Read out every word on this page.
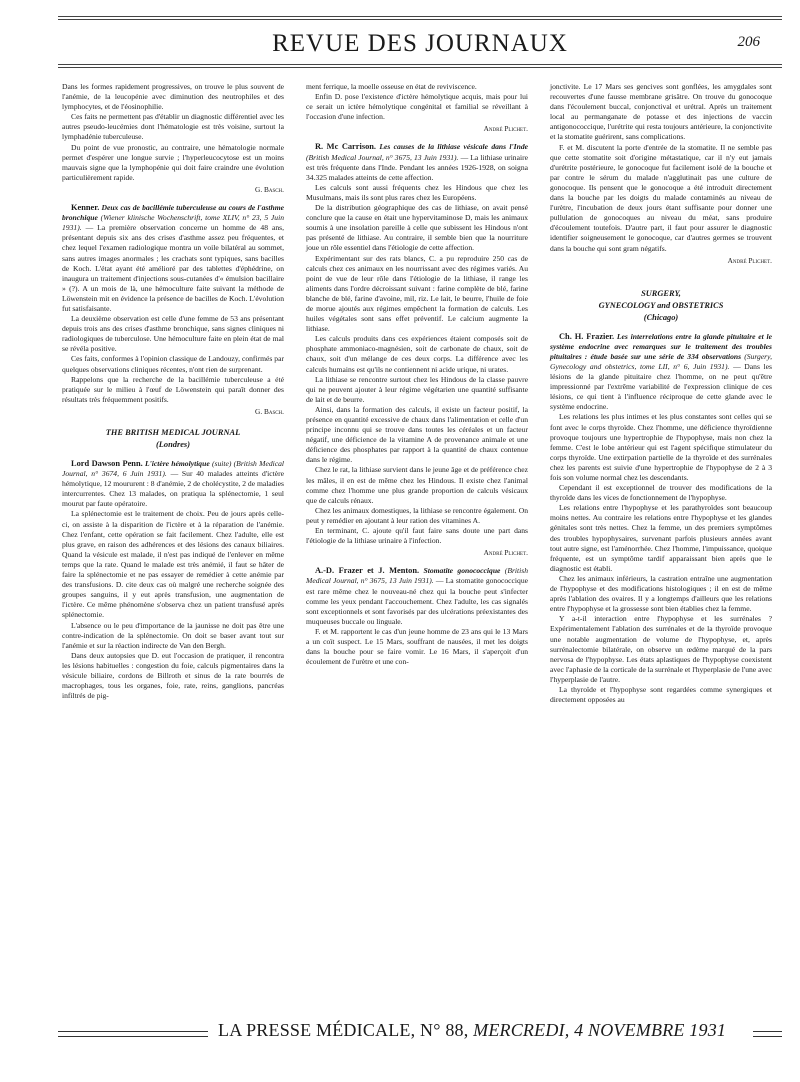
REVUE DES JOURNAUX	206

Dans les formes rapidement progressives, on trouve le plus souvent de l'anémie, de la leucopénie avec diminution des neutrophiles et des lymphocytes, et de l'éosinophilie.

Ces faits ne permettent pas d'établir un diagnostic différentiel avec les autres pseudo-leucémies dont l'hématologie est très voisine, surtout la lymphadénie tuberculeuse.

Du point de vue pronostic, au contraire, une hématologie normale permet d'espérer une longue survie ; l'hyperleucocytose est un moins mauvais signe que la lymphopénie qui doit faire craindre une évolution particulièrement rapide.

G. Basch.

Kenner. Deux cas de bacillémie tuberculeuse au cours de l'asthme bronchique (Wiener klinische Wochenschrift, tome XLIV, n° 23, 5 Juin 1931). — La première observation concerne un homme de 48 ans, présentant depuis six ans des crises d'asthme assez peu fréquentes, et chez lequel l'examen radiologique montra un voile bilatéral au sommet, sans autres images anormales ; les crachats sont typiques, sans bacilles de Koch. L'état ayant été amélioré par des tablettes d'éphédrine, on inaugura un traitement d'injections sous-cutanées d'« émulsion bacillaire » (?). A un mois de là, une hémoculture faite suivant la méthode de Löwenstein mit en évidence la présence de bacilles de Koch. L'évolution fut satisfaisante.

La deuxième observation est celle d'une femme de 53 ans présentant depuis trois ans des crises d'asthme bronchique, sans signes cliniques ni radiologiques de tuberculose. Une hémoculture faite en plein état de mal se révéla positive.

Ces faits, conformes à l'opinion classique de Landouzy, confirmés par quelques observations cliniques récentes, n'ont rien de surprenant.

Rappelons que la recherche de la bacillémie tuberculeuse a été pratiquée sur le milieu à l'œuf de Löwenstein qui paraît donner des résultats très fréquemment positifs.

G. Basch.
THE BRITISH MEDICAL JOURNAL
(Londres)

Lord Dawson Penn. L'ictère hémolytique (suite) (British Medical Journal, n° 3674, 6 Juin 1931). — Sur 40 malades atteints d'ictère hémolytique, 12 moururent : 8 d'anémie, 2 de cholécystite, 2 de maladies intercurrentes. Chez 13 malades, on pratiqua la splénectomie, 1 seul mourut par faute opératoire.

La splénectomie est le traitement de choix. Peu de jours après celle-ci, on assiste à la disparition de l'ictère et à la réparation de l'anémie. Chez l'enfant, cette opération se fait facilement. Chez l'adulte, elle est plus grave, en raison des adhérences et des lésions des canaux biliaires. Quand la vésicule est malade, il n'est pas indiqué de l'enlever en même temps que la rate. Quand le malade est très anémié, il faut se hâter de faire la splénectomie et ne pas essayer de remédier à cette anémie par des transfusions. D. cite deux cas où malgré une recherche soignée des groupes sanguins, il y eut après transfusion, une augmentation de l'ictère. Ce même phénomène s'observa chez un patient transfusé après splénectomie.

L'absence ou le peu d'importance de la jaunisse ne doit pas être une contre-indication de la splénectomie. On doit se baser avant tout sur l'anémie et sur la réaction indirecte de Van den Bergh.

Dans deux autopsies que D. eut l'occasion de pratiquer, il rencontra les lésions habituelles : congestion du foie, calculs pigmentaires dans la vésicule biliaire, cordons de Billroth et sinus de la rate bourrés de macrophages, tous les organes, foie, rate, reins, ganglions, pancréas infiltrés de pig-

ment ferrique, la moelle osseuse en état de reviviscence.

Enfin D. pose l'existence d'ictère hémolytique acquis, mais pour lui ce serait un ictère hémolytique congénital et familial se réveillant à l'occasion d'une infection.

André Plichet.

R. Mc Carrison. Les causes de la lithiase vésicale dans l'Inde (British Medical Journal, n° 3675, 13 Juin 1931). — La lithiase urinaire est très fréquente dans l'Inde. Pendant les années 1926-1928, on soigna 34.325 malades atteints de cette affection.

Les calculs sont aussi fréquents chez les Hindous que chez les Musulmans, mais ils sont plus rares chez les Européens.

De la distribution géographique des cas de lithiase, on avait pensé conclure que la cause en était une hypervitaminose D, mais les animaux soumis à une insolation pareille à celle que subissent les Hindous n'ont pas présenté de lithiase. Au contraire, il semble bien que la nourriture joue un rôle essentiel dans l'étiologie de cette affection.

Expérimentant sur des rats blancs, C. a pu reproduire 250 cas de calculs chez ces animaux en les nourrissant avec des régimes variés. Au point de vue de leur rôle dans l'étiologie de la lithiase, il range les aliments dans l'ordre décroissant suivant : farine complète de blé, farine blanche de blé, farine d'avoine, mil, riz. Le lait, le beurre, l'huile de foie de morue ajoutés aux régimes empêchent la formation de calculs. Les huiles végétales sont sans effet préventif. Le calcium augmente la lithiase.

Les calculs produits dans ces expériences étaient composés soit de phosphate ammoniaco-magnésien, soit de carbonate de chaux, soit de chaux, soit d'un mélange de ces deux corps. La différence avec les calculs humains est qu'ils ne contiennent ni acide urique, ni urates.

La lithiase se rencontre surtout chez les Hindous de la classe pauvre qui ne peuvent ajouter à leur régime végétarien une quantité suffisante de lait et de beurre.

Ainsi, dans la formation des calculs, il existe un facteur positif, la présence en quantité excessive de chaux dans l'alimentation et celle d'un principe inconnu qui se trouve dans toutes les céréales et un facteur négatif, une déficience de la vitamine A de provenance animale et une déficience des phosphates par rapport à la quantité de chaux contenue dans le régime.

Chez le rat, la lithiase survient dans le jeune âge et de préférence chez les mâles, il en est de même chez les Hindous. Il existe chez l'animal comme chez l'homme une plus grande proportion de calculs vésicaux que de calculs rénaux.

Chez les animaux domestiques, la lithiase se rencontre également. On peut y remédier en ajoutant à leur ration des vitamines A.

En terminant, C. ajoute qu'il faut faire sans doute une part dans l'étiologie de la lithiase urinaire à l'infection.

André Plichet.

A.-D. Frazer et J. Menton. Stomatite gonococcique (British Medical Journal, n° 3675, 13 Juin 1931). — La stomatite gonococcique est rare même chez le nouveau-né chez qui la bouche peut s'infecter comme les yeux pendant l'accouchement. Chez l'adulte, les cas signalés sont exceptionnels et sont favorisés par des ulcérations préexistantes des muqueuses buccale ou linguale.

F. et M. rapportent le cas d'un jeune homme de 23 ans qui le 13 Mars a un coït suspect. Le 15 Mars, souffrant de nausées, il met les doigts dans la bouche pour se faire vomir. Le 16 Mars, il s'aperçoit d'un écoulement de l'urètre et une con-

jonctivite. Le 17 Mars ses gencives sont gonflées, les amygdales sont recouvertes d'une fausse membrane grisâtre. On trouve du gonocoque dans l'écoulement buccal, conjonctival et urétral. Après un traitement local au permanganate de potasse et des injections de vaccin antigonococcique, l'urétrite qui resta toujours antérieure, la conjonctivite et la stomatite guérirent, sans complications.

F. et M. discutent la porte d'entrée de la stomatite. Il ne semble pas que cette stomatite soit d'origine métastatique, car il n'y eut jamais d'urétrite postérieure, le gonocoque fut facilement isolé de la bouche et par contre le sérum du malade n'agglutinait pas une culture de gonocoque. Ils pensent que le gonocoque a été introduit directement dans la bouche par les doigts du malade contaminés au niveau de l'urètre, l'incubation de deux jours étant suffisante pour donner une pullulation de gonocoques au niveau du méat, sans produire d'écoulement toutefois. D'autre part, il faut pour assurer le diagnostic identifier soigneusement le gonocoque, car d'autres germes se trouvent dans la bouche qui sont gram négatifs.

André Plichet.
SURGERY,
GYNECOLOGY and OBSTETRICS
(Chicago)

Ch. H. Frazier. Les interrelations entre la glande pituitaire et le système endocrine avec remarques sur le traitement des troubles pituitaires : étude basée sur une série de 334 observations (Surgery, Gynecology and obstetrics, tome LII, n° 6, Juin 1931). — Dans les lésions de la glande pituitaire chez l'homme, on ne peut qu'être impressionné par l'extrême variabilité de l'expression clinique de ces lésions, ce qui tient à l'influence réciproque de cette glande avec le système endocrine.

Les relations les plus intimes et les plus constantes sont celles qui se font avec le corps thyroïde. Chez l'homme, une déficience thyroïdienne provoque toujours une hypertrophie de l'hypophyse, mais non chez la femme. C'est le lobe antérieur qui est l'agent spécifique stimulateur du corps thyroïde. Une extirpation partielle de la thyroïde et des surrénales chez les parents est suivie d'une hypertrophie de l'hypophyse de 2 à 3 fois son volume normal chez les descendants.

Cependant il est exceptionnel de trouver des modifications de la thyroïde dans les vices de fonctionnement de l'hypophyse.

Les relations entre l'hypophyse et les parathyroïdes sont beaucoup moins nettes. Au contraire les relations entre l'hypophyse et les glandes génitales sont très nettes. Chez la femme, un des premiers symptômes des troubles hypophysaires, survenant parfois plusieurs années avant tout autre signe, est l'aménorrhée. Chez l'homme, l'impuissance, quoique fréquente, est un symptôme tardif apparaissant bien après que le diagnostic est établi.

Chez les animaux inférieurs, la castration entraîne une augmentation de l'hypophyse et des modifications histologiques ; il en est de même après l'ablation des ovaires. Il y a longtemps d'ailleurs que les relations entre l'hypophyse et la grossesse sont bien établies chez la femme.

Y a-t-il interaction entre l'hypophyse et les surrénales ? Expérimentalement l'ablation des surrénales et de la thyroïde provoque une notable augmentation de volume de l'hypophyse, et, après surrénalectomie bilatérale, on observe un œdème marqué de la pars nervosa de l'hypophyse. Les états aplastiques de l'hypophyse coexistent avec l'aphasie de la corticale de la surrénale et l'hyperplasie de l'une avec l'hyperplasie de l'autre.

La thyroïde et l'hypophyse sont regardées comme synergiques et directement opposées au

LA PRESSE MÉDICALE, N° 88, MERCREDI, 4 NOVEMBRE 1931
